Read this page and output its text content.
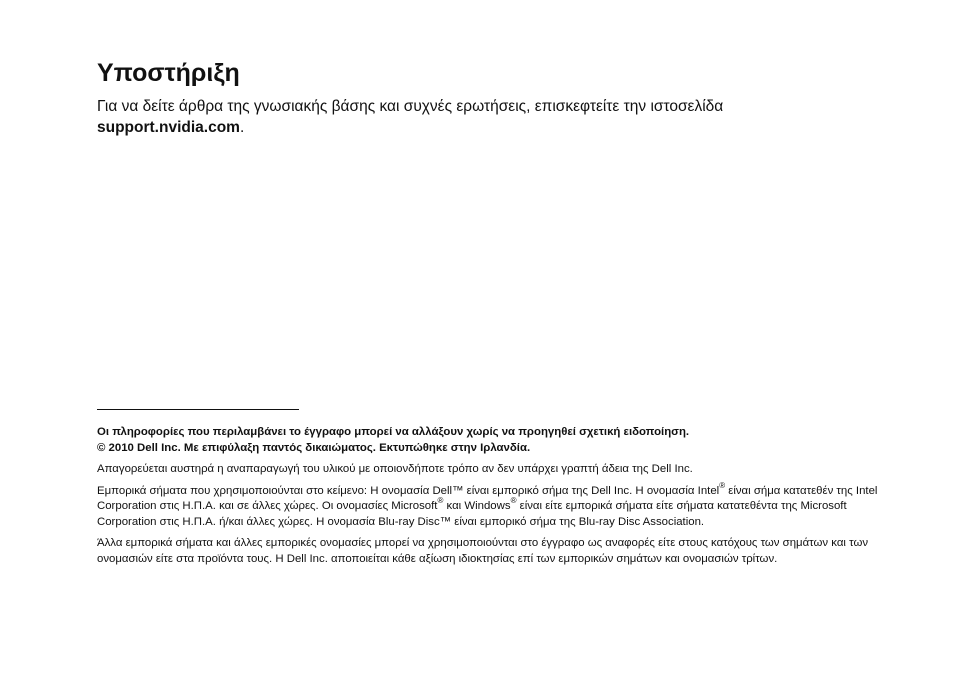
Υποστήριξη

Για να δείτε άρθρα της γνωσιακής βάσης και συχνές ερωτήσεις, επισκεφτείτε την ιστοσελίδα
support.nvidia.com.

Οι πληροφορίες που περιλαμβάνει το έγγραφο μπορεί να αλλάξουν χωρίς να προηγηθεί σχετική ειδοποίηση.
© 2010 Dell Inc. Με επιφύλαξη παντός δικαιώματος. Εκτυπώθηκε στην Ιρλανδία.

Απαγορεύεται αυστηρά η αναπαραγωγή του υλικού με οποιονδήποτε τρόπο αν δεν υπάρχει γραπτή άδεια της Dell Inc.

Εμπορικά σήματα που χρησιμοποιούνται στο κείμενο: Η ονομασία Dell™ είναι εμπορικό σήμα της Dell Inc. Η ονομασία Intel® είναι σήμα κατατεθέν της Intel Corporation στις Η.Π.Α. και σε άλλες χώρες. Οι ονομασίες Microsoft® και Windows® είναι είτε εμπορικά σήματα είτε σήματα κατατεθέντα της Microsoft Corporation στις Η.Π.Α. ή/και άλλες χώρες. Η ονομασία Blu-ray Disc™ είναι εμπορικό σήμα της Blu-ray Disc Association.

Άλλα εμπορικά σήματα και άλλες εμπορικές ονομασίες μπορεί να χρησιμοποιούνται στο έγγραφο ως αναφορές είτε στους κατόχους των σημάτων και των ονομασιών είτε στα προϊόντα τους. Η Dell Inc. αποποιείται κάθε αξίωση ιδιοκτησίας επί των εμπορικών σημάτων και ονομασιών τρίτων.
